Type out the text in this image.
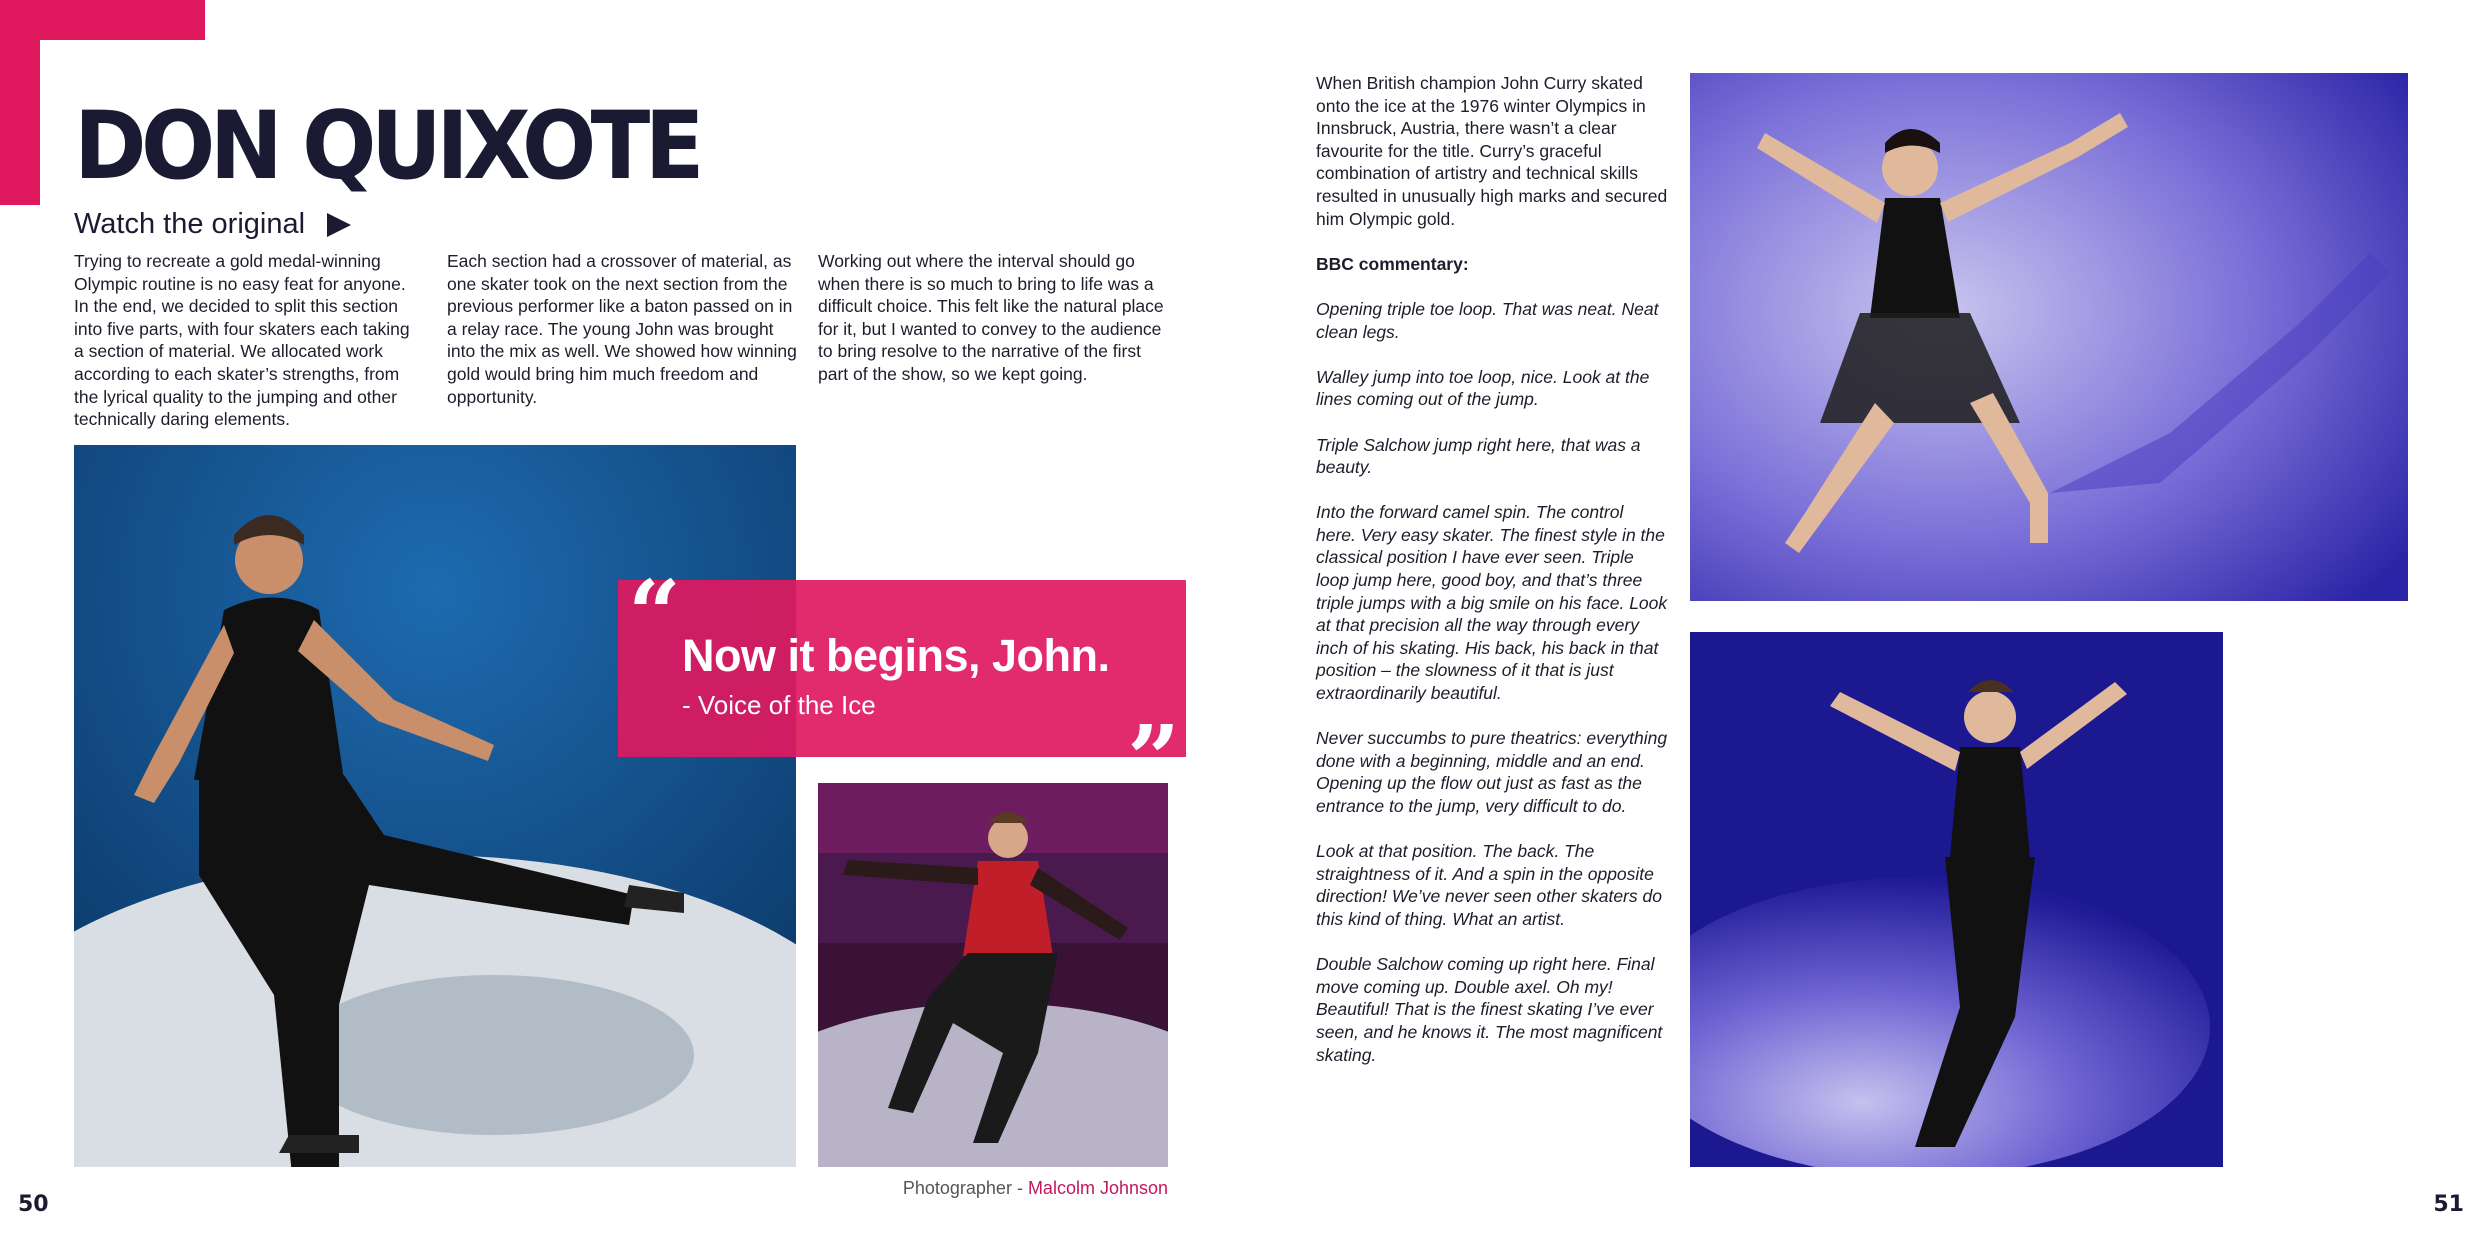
DON QUIXOTE
Watch the original

Trying to recreate a gold medal-winning Olympic routine is no easy feat for anyone. In the end, we decided to split this section into five parts, with four skaters each taking a section of material. We allocated work according to each skater’s strengths, from the lyrical quality to the jumping and other technically daring elements.

Each section had a crossover of material, as one skater took on the next section from the previous performer like a baton passed on in a relay race. The young John was brought into the mix as well. We showed how winning gold would bring him much freedom and opportunity.

Working out where the interval should go when there is so much to bring to life was a difficult choice. This felt like the natural place for it, but I wanted to convey to the audience to bring resolve to the narrative of the first part of the show, so we kept going.

“ Now it begins, John.
- Voice of the Ice	”
Photographer - Malcolm Johnson
50	51

When British champion John Curry skated onto the ice at the 1976 winter Olympics in Innsbruck, Austria, there wasn’t a clear favourite for the title. Curry’s graceful combination of artistry and technical skills resulted in unusually high marks and secured him Olympic gold.

BBC commentary:

Opening triple toe loop. That was neat. Neat clean legs.

Walley jump into toe loop, nice. Look at the lines coming out of the jump.

Triple Salchow jump right here, that was a beauty.

Into the forward camel spin. The control here. Very easy skater. The finest style in the classical position I have ever seen. Triple loop jump here, good boy, and that’s three triple jumps with a big smile on his face. Look at that precision all the way through every inch of his skating. His back, his back in that position – the slowness of it that is just extraordinarily beautiful.

Never succumbs to pure theatrics: everything done with a beginning, middle and an end. Opening up the flow out just as fast as the entrance to the jump, very difficult to do.

Look at that position. The back. The straightness of it. And a spin in the opposite direction! We’ve never seen other skaters do this kind of thing. What an artist.

Double Salchow coming up right here. Final move coming up. Double axel. Oh my! Beautiful! That is the finest skating I’ve ever seen, and he knows it. The most magnificent skating.
